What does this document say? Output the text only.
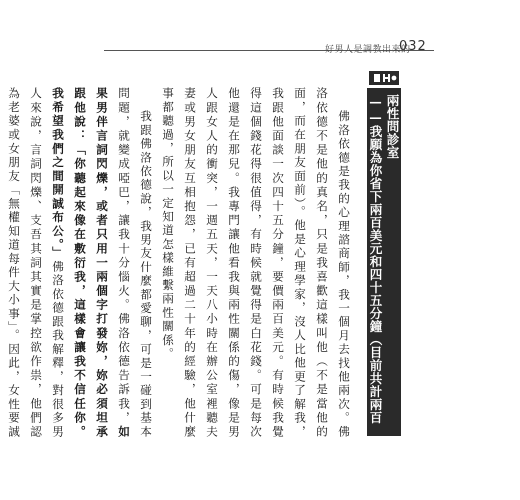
好男人是調教出來的
032
兩性問診室
——我願為你省下兩百美元和四十五分鐘（目前共計兩百美元）

佛洛依德是我的心理諮商師，我一個月去找他兩次。佛洛依德不是他的真名，只是我喜歡這樣叫他（不是當他的面，而在朋友面前）。他是心理學家，沒人比他更了解我，我跟他面談一次四十五分鐘，要價兩百美元。有時候我覺得這個錢花得很值得，有時候就覺得是白花錢。可是每次他還是在那兒。我專門讓他看我與兩性關係的傷，像是男人跟女人的衝突，一週五天，一天八小時在辦公室裡聽夫妻或男女朋友互相抱怨，已有超過二十年的經驗，他什麼事都聽過，所以一定知道怎樣維繫兩性關係。

我跟佛洛依德說，我男友什麼都愛聊，可是一碰到基本問題，就變成啞巴，讓我十分惱火。佛洛依德告訴我，如果男伴言詞閃爍，或者只用一兩個字打發妳，妳必須坦承跟他說：「你聽起來像在敷衍我，這樣會讓我不信任你。我希望我們之間開誠布公。」佛洛依德跟我解釋，對很多男人來說，言詞閃爍、支吾其詞其實是掌控欲作祟，他們認為老婆或女朋友「無權知道每件大小事」。因此，女性要誠
